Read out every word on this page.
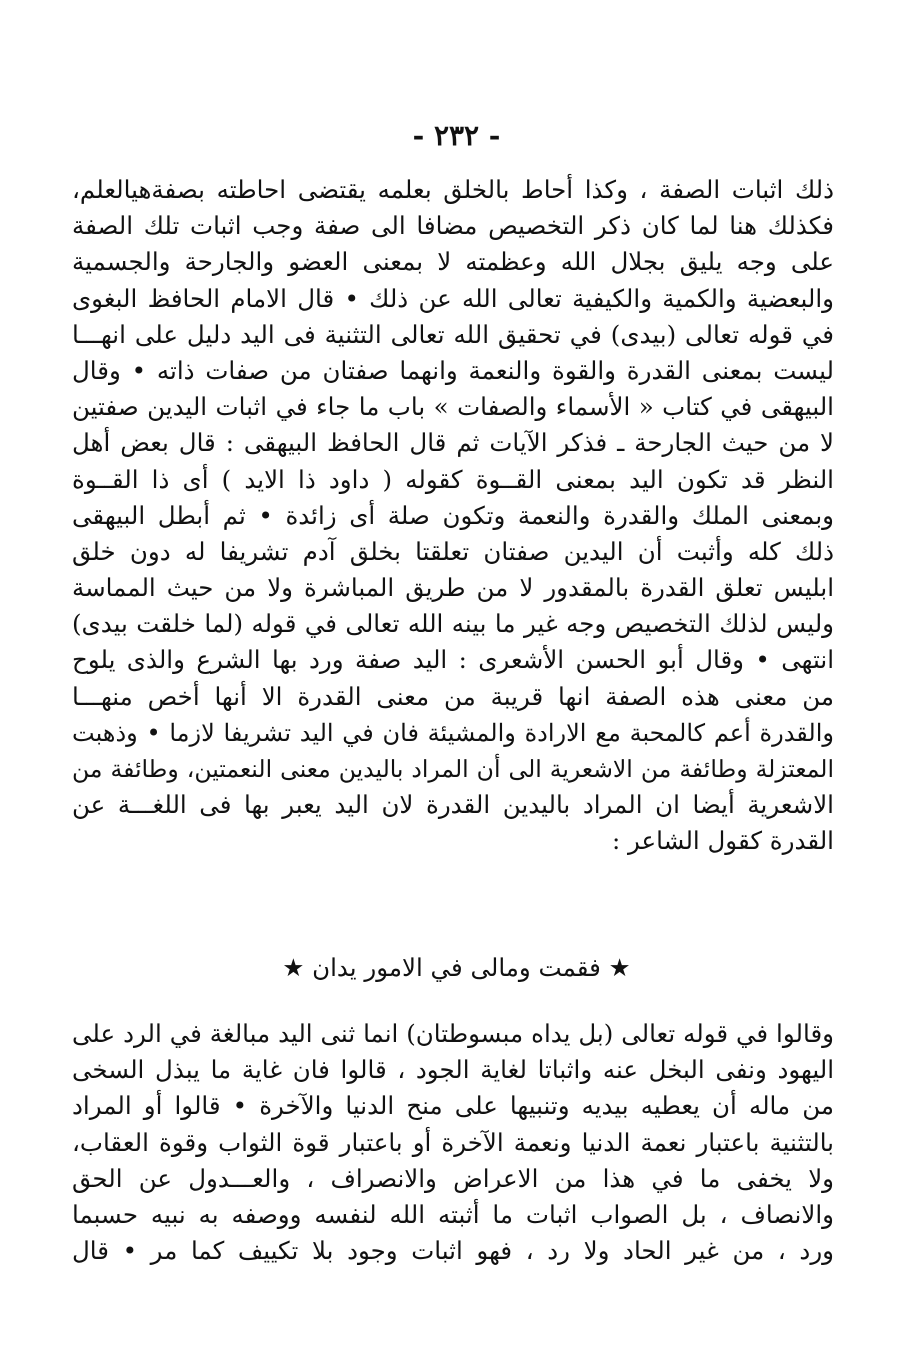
- ٢٣٢ -
ذلك اثبات الصفة ، وكذا أحاط بالخلق بعلمه يقتضى احاطته بصفةهيالعلم،
فكذلك هنا لما كان ذكر التخصيص مضافا الى صفة وجب اثبات تلك الصفة
على وجه يليق بجلال الله وعظمته لا بمعنى العضو والجارحة والجسمية
والبعضية والكمية والكيفية تعالى الله عن ذلك • قال الامام الحافظ البغوى
في قوله تعالى (بيدى) في تحقيق الله تعالى التثنية فى اليد دليل على انهـــا
ليست بمعنى القدرة والقوة والنعمة وانهما صفتان من صفات ذاته • وقال
البيهقى في كتاب « الأسماء والصفات » باب ما جاء في اثبات اليدين صفتين
لا من حيث الجارحة ـ فذكر الآيات ثم قال الحافظ البيهقى : قال بعض أهل
النظر قد تكون اليد بمعنى القــوة كقوله ( داود ذا الايد ) أى ذا القــوة
وبمعنى الملك والقدرة والنعمة وتكون صلة أى زائدة • ثم أبطل البيهقى
ذلك كله وأثبت أن اليدين صفتان تعلقتا بخلق آدم تشريفا له دون خلق
ابليس تعلق القدرة بالمقدور لا من طريق المباشرة ولا من حيث المماسة
وليس لذلك التخصيص وجه غير ما بينه الله تعالى في قوله (لما خلقت بيدى)
انتهى • وقال أبو الحسن الأشعرى : اليد صفة ورد بها الشرع والذى يلوح
من معنى هذه الصفة انها قريبة من معنى القدرة الا أنها أخص منهـــا
والقدرة أعم كالمحبة مع الارادة والمشيئة فان في اليد تشريفا لازما • وذهبت
المعتزلة وطائفة من الاشعرية الى أن المراد باليدين معنى النعمتين، وطائفة من
الاشعرية أيضا ان المراد باليدين القدرة لان اليد يعبر بها فى اللغـــة عن
القدرة كقول الشاعر :
★ فقمت ومالى في الامور يدان ★
وقالوا في قوله تعالى (بل يداه مبسوطتان) انما ثنى اليد مبالغة في الرد على
اليهود ونفى البخل عنه واثباتا لغاية الجود ، قالوا فان غاية ما يبذل السخى
من ماله أن يعطيه بيديه وتنبيها على منح الدنيا والآخرة • قالوا أو المراد
بالتثنية باعتبار نعمة الدنيا ونعمة الآخرة أو باعتبار قوة الثواب وقوة العقاب،
ولا يخفى ما في هذا من الاعراض والانصراف ، والعـــدول عن الحق
والانصاف ، بل الصواب اثبات ما أثبته الله لنفسه ووصفه به نبيه حسبما
ورد ، من غير الحاد ولا رد ، فهو اثبات وجود بلا تكييف كما مر • قال
